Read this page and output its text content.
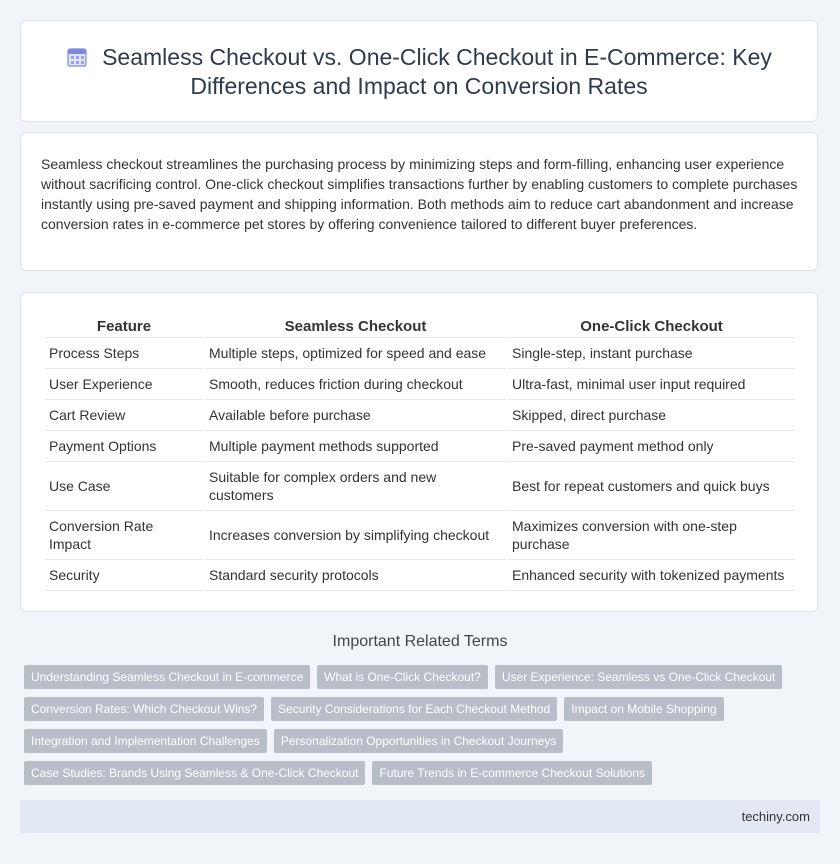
Seamless Checkout vs. One-Click Checkout in E-Commerce: Key Differences and Impact on Conversion Rates
Seamless checkout streamlines the purchasing process by minimizing steps and form-filling, enhancing user experience without sacrificing control. One-click checkout simplifies transactions further by enabling customers to complete purchases instantly using pre-saved payment and shipping information. Both methods aim to reduce cart abandonment and increase conversion rates in e-commerce pet stores by offering convenience tailored to different buyer preferences.
Feature	Seamless Checkout	One-Click Checkout
Process Steps	Multiple steps, optimized for speed and ease	Single-step, instant purchase
User Experience	Smooth, reduces friction during checkout	Ultra-fast, minimal user input required
Cart Review	Available before purchase	Skipped, direct purchase
Payment Options	Multiple payment methods supported	Pre-saved payment method only
Use Case	Suitable for complex orders and new customers	Best for repeat customers and quick buys
Conversion Rate Impact	Increases conversion by simplifying checkout	Maximizes conversion with one-step purchase
Security	Standard security protocols	Enhanced security with tokenized payments
Important Related Terms
Understanding Seamless Checkout in E-commerce	What is One-Click Checkout?	User Experience: Seamless vs One-Click Checkout
Conversion Rates: Which Checkout Wins?	Security Considerations for Each Checkout Method	Impact on Mobile Shopping
Integration and Implementation Challenges	Personalization Opportunities in Checkout Journeys
Case Studies: Brands Using Seamless & One-Click Checkout	Future Trends in E-commerce Checkout Solutions
techiny.com
